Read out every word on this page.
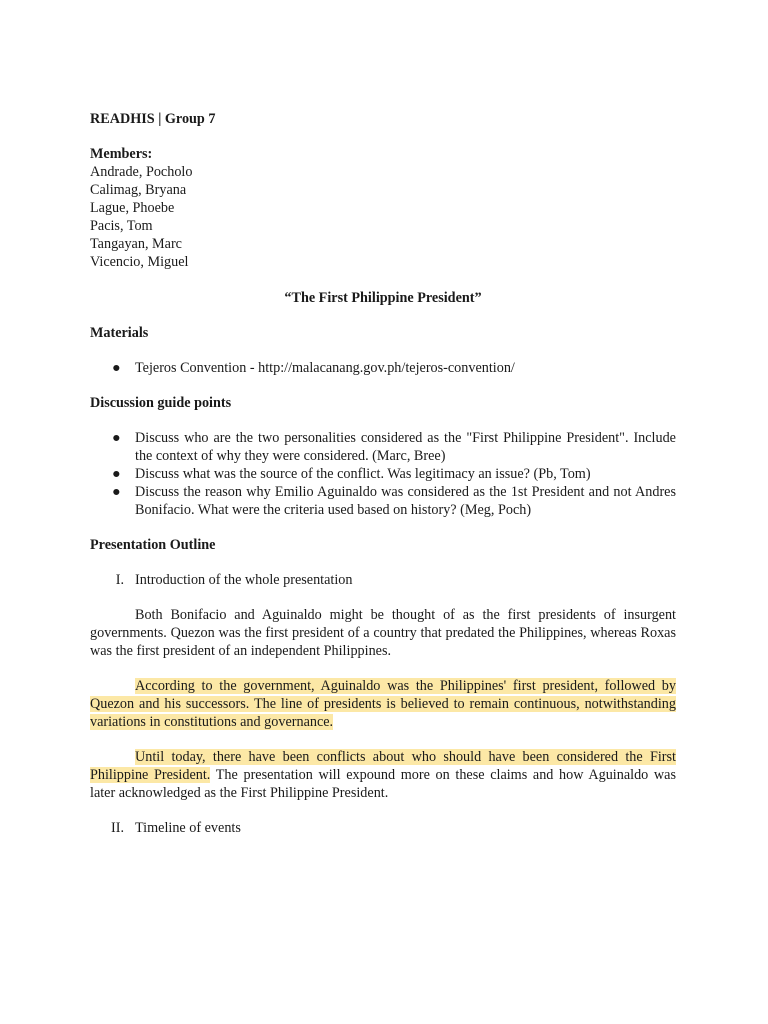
READHIS | Group 7
Members:
Andrade, Pocholo
Calimag, Bryana
Lague, Phoebe
Pacis, Tom
Tangayan, Marc
Vicencio, Miguel
“The First Philippine President”
Materials
● Tejeros Convention - http://malacanang.gov.ph/tejeros-convention/
Discussion guide points
● Discuss who are the two personalities considered as the "First Philippine President". Include the context of why they were considered. (Marc, Bree)
● Discuss what was the source of the conflict. Was legitimacy an issue? (Pb, Tom)
● Discuss the reason why Emilio Aguinaldo was considered as the 1st President and not Andres Bonifacio. What were the criteria used based on history? (Meg, Poch)
Presentation Outline
I. Introduction of the whole presentation

Both Bonifacio and Aguinaldo might be thought of as the first presidents of insurgent governments. Quezon was the first president of a country that predated the Philippines, whereas Roxas was the first president of an independent Philippines.

According to the government, Aguinaldo was the Philippines' first president, followed by Quezon and his successors. The line of presidents is believed to remain continuous, notwithstanding variations in constitutions and governance.

Until today, there have been conflicts about who should have been considered the First Philippine President. The presentation will expound more on these claims and how Aguinaldo was later acknowledged as the First Philippine President.

II. Timeline of events
